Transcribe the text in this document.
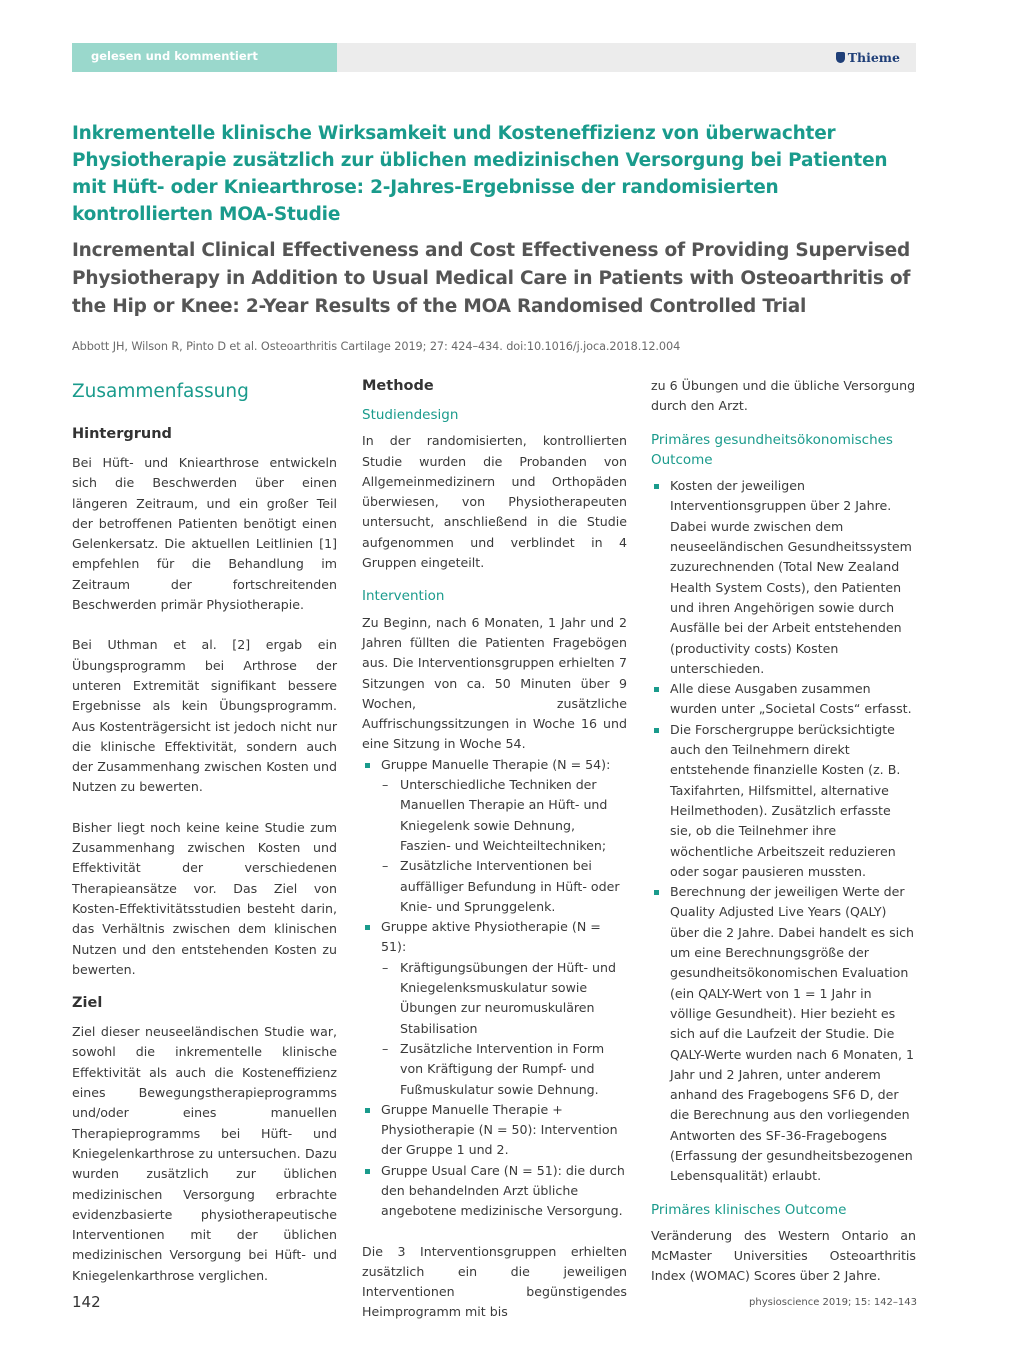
gelesen und kommentiert	Thieme
Inkrementelle klinische Wirksamkeit und Kosteneffizienz von überwachter Physiotherapie zusätzlich zur üblichen medizinischen Versorgung bei Patienten mit Hüft- oder Kniearthrose: 2-Jahres-Ergebnisse der randomisierten kontrollierten MOA-Studie
Incremental Clinical Effectiveness and Cost Effectiveness of Providing Supervised Physiotherapy in Addition to Usual Medical Care in Patients with Osteoarthritis of the Hip or Knee: 2-Year Results of the MOA Randomised Controlled Trial
Abbott JH, Wilson R, Pinto D et al. Osteoarthritis Cartilage 2019; 27: 424–434. doi:10.1016/j.joca.2018.12.004
Zusammenfassung
Hintergrund

Bei Hüft- und Kniearthrose entwickeln sich die Beschwerden über einen längeren Zeitraum, und ein großer Teil der betroffenen Patienten benötigt einen Gelenkersatz. Die aktuellen Leitlinien [1] empfehlen für die Behandlung im Zeitraum der fortschreitenden Beschwerden primär Physiotherapie.

Bei Uthman et al. [2] ergab ein Übungsprogramm bei Arthrose der unteren Extremität signifikant bessere Ergebnisse als kein Übungsprogramm. Aus Kostenträgersicht ist jedoch nicht nur die klinische Effektivität, sondern auch der Zusammenhang zwischen Kosten und Nutzen zu bewerten.

Bisher liegt noch keine keine Studie zum Zusammenhang zwischen Kosten und Effektivität der verschiedenen Therapieansätze vor. Das Ziel von Kosten-Effektivitätsstudien besteht darin, das Verhältnis zwischen dem klinischen Nutzen und den entstehenden Kosten zu bewerten.

Ziel

Ziel dieser neuseeländischen Studie war, sowohl die inkrementelle klinische Effektivität als auch die Kosteneffizienz eines Bewegungstherapieprogramms und/oder eines manuellen Therapieprogramms bei Hüft- und Kniegelenkarthrose zu untersuchen. Dazu wurden zusätzlich zur üblichen medizinischen Versorgung erbrachte evidenzbasierte physiotherapeutische Interventionen mit der üblichen medizinischen Versorgung bei Hüft- und Kniegelenkarthrose verglichen.

Methode
Studiendesign

In der randomisierten, kontrollierten Studie wurden die Probanden von Allgemeinmedizinern und Orthopäden überwiesen, von Physiotherapeuten untersucht, anschließend in die Studie aufgenommen und verblindet in 4 Gruppen eingeteilt.

Intervention

Zu Beginn, nach 6 Monaten, 1 Jahr und 2 Jahren füllten die Patienten Fragebögen aus. Die Interventionsgruppen erhielten 7 Sitzungen von ca. 50 Minuten über 9 Wochen, zusätzliche Auffrischungssitzungen in Woche 16 und eine Sitzung in Woche 54.

Gruppe Manuelle Therapie (N = 54):
– Unterschiedliche Techniken der Manuellen Therapie an Hüft- und Kniegelenk sowie Dehnung, Faszien- und Weichteiltechniken;
– Zusätzliche Interventionen bei auffälliger Befundung in Hüft- oder Knie- und Sprunggelenk.
Gruppe aktive Physiotherapie (N = 51):
– Kräftigungsübungen der Hüft- und Kniegelenksmuskulatur sowie Übungen zur neuromuskulären Stabilisation
– Zusätzliche Intervention in Form von Kräftigung der Rumpf- und Fußmuskulatur sowie Dehnung.
Gruppe Manuelle Therapie + Physiotherapie (N = 50): Intervention der Gruppe 1 und 2.
Gruppe Usual Care (N = 51): die durch den behandelnden Arzt übliche angebotene medizinische Versorgung.

Die 3 Interventionsgruppen erhielten zusätzlich ein die jeweiligen Interventionen begünstigendes Heimprogramm mit bis

zu 6 Übungen und die übliche Versorgung durch den Arzt.

Primäres gesundheitsökonomisches Outcome
Kosten der jeweiligen Interventionsgruppen über 2 Jahre. Dabei wurde zwischen dem neuseeländischen Gesundheitssystem zuzurechnenden (Total New Zealand Health System Costs), den Patienten und ihren Angehörigen sowie durch Ausfälle bei der Arbeit entstehenden (productivity costs) Kosten unterschieden.
Alle diese Ausgaben zusammen wurden unter „Societal Costs“ erfasst.
Die Forschergruppe berücksichtigte auch den Teilnehmern direkt entstehende finanzielle Kosten (z. B. Taxifahrten, Hilfsmittel, alternative Heilmethoden). Zusätzlich erfasste sie, ob die Teilnehmer ihre wöchentliche Arbeitszeit reduzieren oder sogar pausieren mussten.
Berechnung der jeweiligen Werte der Quality Adjusted Live Years (QALY) über die 2 Jahre. Dabei handelt es sich um eine Berechnungsgröße der gesundheitsökonomischen Evaluation (ein QALY-Wert von 1 = 1 Jahr in völlige Gesundheit). Hier bezieht es sich auf die Laufzeit der Studie. Die QALY-Werte wurden nach 6 Monaten, 1 Jahr und 2 Jahren, unter anderem anhand des Fragebogens SF6 D, der die Berechnung aus den vorliegenden Antworten des SF-36-Fragebogens (Erfassung der gesundheitsbezogenen Lebensqualität) erlaubt.
Primäres klinisches Outcome

Veränderung des Western Ontario an McMaster Universities Osteoarthritis Index (WOMAC) Scores über 2 Jahre.

142	physioscience 2019; 15: 142–143
